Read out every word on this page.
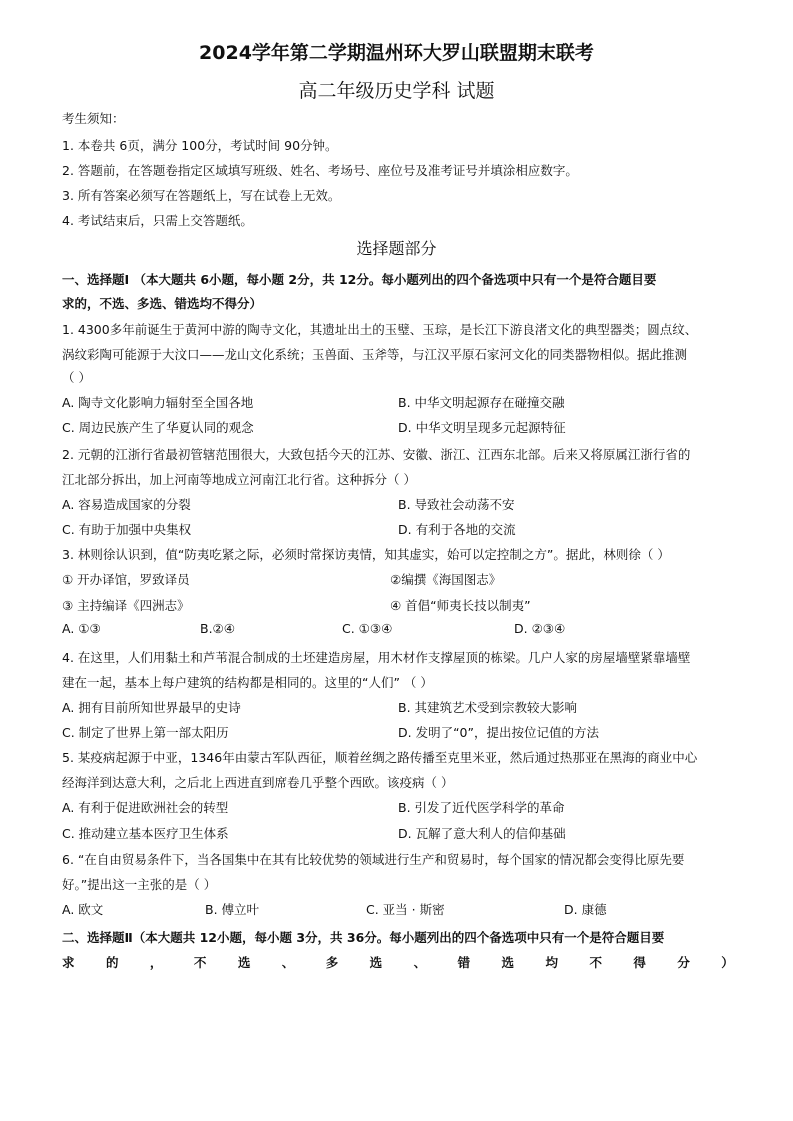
2024学年第二学期温州环大罗山联盟期末联考
高二年级历史学科 试题
考生须知：
1. 本卷共 6页，满分 100分，考试时间 90分钟。
2. 答题前，在答题卷指定区域填写班级、姓名、考场号、座位号及准考证号并填涂相应数字。
3. 所有答案必须写在答题纸上，写在试卷上无效。
4. 考试结束后，只需上交答题纸。
选择题部分
一、选择题Ⅰ （本大题共 6小题，每小题 2分，共 12分。每小题列出的四个备选项中只有一个是符合题目要
求的，不选、多选、错选均不得分）
1. 4300多年前诞生于黄河中游的陶寺文化，其遗址出土的玉璧、玉琮，是长江下游良渚文化的典型器类；圆点纹、
涡纹彩陶可能源于大汶口——龙山文化系统；玉兽面、玉斧等，与江汉平原石家河文化的同类器物相似。据此推测
（ ）
A. 陶寺文化影响力辐射至全国各地	B. 中华文明起源存在碰撞交融
C. 周边民族产生了华夏认同的观念	D. 中华文明呈现多元起源特征
2. 元朝的江浙行省最初管辖范围很大，大致包括今天的江苏、安徽、浙江、江西东北部。后来又将原属江浙行省的
江北部分拆出，加上河南等地成立河南江北行省。这种拆分（ ）
A. 容易造成国家的分裂	B. 导致社会动荡不安
C. 有助于加强中央集权	D. 有利于各地的交流
3. 林则徐认识到，值“防夷吃紧之际，必须时常探访夷情，知其虚实，始可以定控制之方”。据此，林则徐（ ）
① 开办译馆，罗致译员	②编撰《海国图志》
③ 主持编译《四洲志》	④ 首倡“师夷长技以制夷”
A. ①③	B.②④	C. ①③④	D. ②③④
4. 在这里，人们用黏土和芦苇混合制成的土坯建造房屋，用木材作支撑屋顶的栋梁。几户人家的房屋墙壁紧靠墙壁
建在一起，基本上每户建筑的结构都是相同的。这里的“人们” （ ）
A. 拥有目前所知世界最早的史诗	B. 其建筑艺术受到宗教较大影响
C. 制定了世界上第一部太阳历	D. 发明了“0”，提出按位记值的方法
5. 某疫病起源于中亚，1346年由蒙古军队西征，顺着丝绸之路传播至克里米亚，然后通过热那亚在黑海的商业中心
经海洋到达意大利，之后北上西进直到席卷几乎整个西欧。该疫病（ ）
A. 有利于促进欧洲社会的转型	B. 引发了近代医学科学的革命
C. 推动建立基本医疗卫生体系	D. 瓦解了意大利人的信仰基础
6. “在自由贸易条件下，当各国集中在其有比较优势的领域进行生产和贸易时，每个国家的情况都会变得比原先要
好。”提出这一主张的是（ ）
A. 欧文	B. 傅立叶	C. 亚当 · 斯密	D. 康德
二、选择题Ⅱ（本大题共 12小题，每小题 3分，共 36分。每小题列出的四个备选项中只有一个是符合题目要
求	的	，	不	选	、	多	选	、	错	选	均	不	得	分	）
